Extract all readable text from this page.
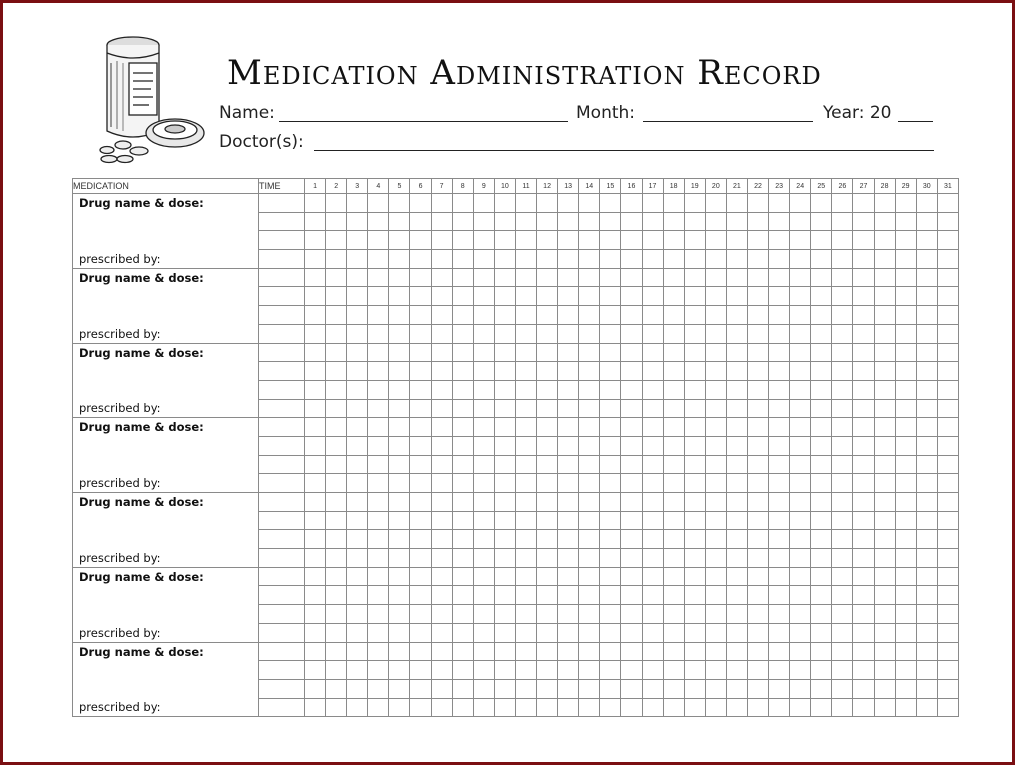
Medication Administration Record
Name:	Month:	Year: 20
Doctor(s):
MEDICATION	TIME	1	2	3	4	5	6	7	8	9	10	11	12	13	14	15	16	17	18	19	20	21	22	23	24	25	26	27	28	29	30	31

Drug name & dose:
prescribed by:																																

Drug name & dose:
prescribed by:																																

Drug name & dose:
prescribed by:																																

Drug name & dose:
prescribed by:																																

Drug name & dose:
prescribed by:																																

Drug name & dose:
prescribed by:																																

Drug name & dose:
prescribed by:																																
